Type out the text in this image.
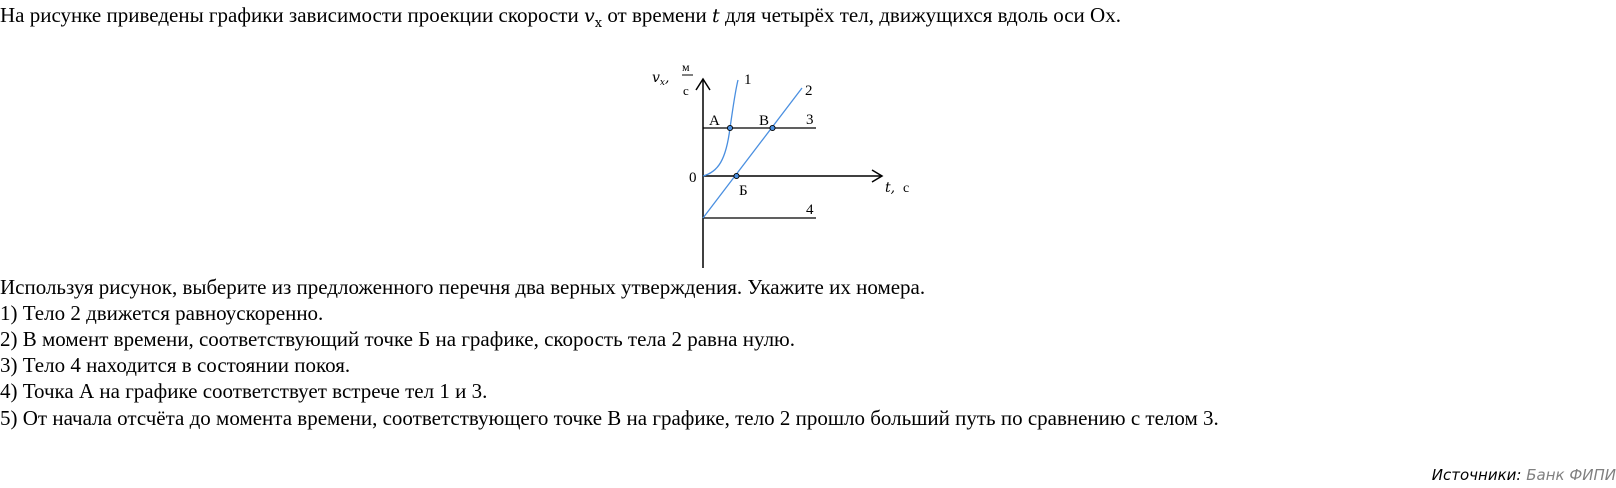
На рисунке приведены графики зависимости проекции скорости $v_x$ от времени t для четырёх тел, движущихся вдоль оси Ox.
$v_x$,
м
с
0
t, с
1
2
3
4
А	В
Б
Используя рисунок, выберите из предложенного перечня два верных утверждения. Укажите их номера.
1) Тело 2 движется равноускоренно.
2) В момент времени, соответствующий точке Б на графике, скорость тела 2 равна нулю.
3) Тело 4 находится в состоянии покоя.
4) Точка А на графике соответствует встрече тел 1 и 3.
5) От начала отсчёта до момента времени, соответствующего точке В на графике, тело 2 прошло больший путь по сравнению с телом 3.
Источники: Банк ФИПИ
